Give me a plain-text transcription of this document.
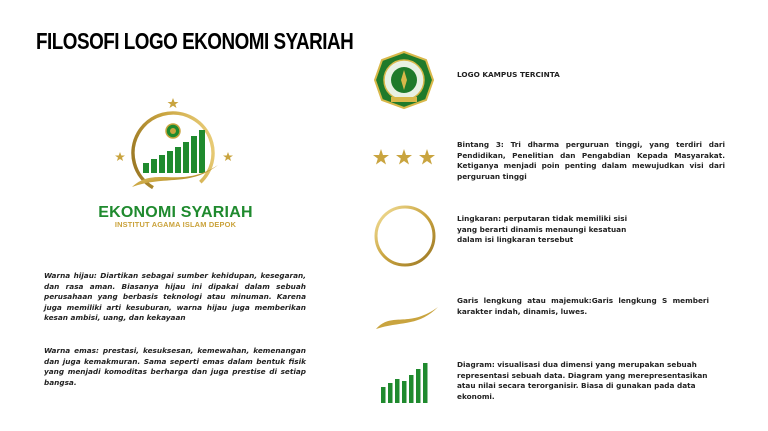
FILOSOFI LOGO EKONOMI SYARIAH
EKONOMI SYARIAH
INSTITUT AGAMA ISLAM DEPOK
Warna hijau: Diartikan sebagai sumber kehidupan, kesegaran, dan rasa aman. Biasanya hijau ini dipakai dalam sebuah perusahaan yang berbasis teknologi atau minuman. Karena juga memiliki arti kesuburan, warna hijau juga memberikan kesan ambisi, uang, dan kekayaan
Warna emas: prestasi, kesuksesan, kemewahan, kemenangan dan juga kemakmuran. Sama seperti emas dalam bentuk fisik yang menjadi komoditas berharga dan juga prestise di setiap bangsa.
LOGO KAMPUS TERCINTA
Bintang 3: Tri dharma perguruan tinggi, yang terdiri dari Pendidikan, Penelitian dan Pengabdian Kepada Masyarakat. Ketiganya menjadi poin penting dalam mewujudkan visi dari perguruan tinggi
Lingkaran: perputaran tidak memiliki sisi yang berarti dinamis menaungi kesatuan dalam isi lingkaran tersebut
Garis lengkung atau majemuk:Garis lengkung S memberi karakter indah, dinamis, luwes.
Diagram: visualisasi dua dimensi yang merupakan sebuah representasi sebuah data. Diagram yang merepresentasikan atau nilai secara terorganisir. Biasa di gunakan pada data ekonomi.
